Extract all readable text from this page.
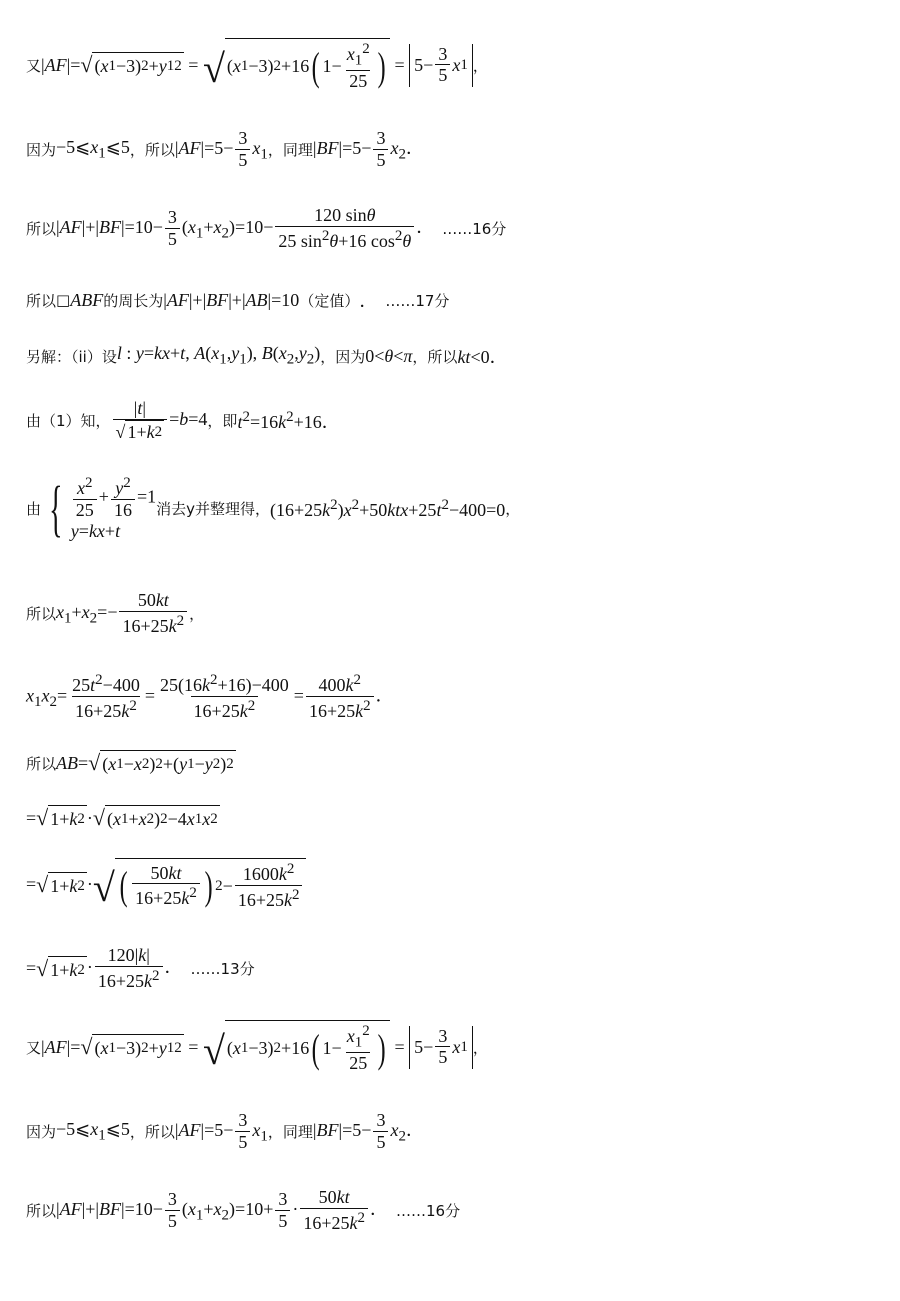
又 |AF|= √ ( x 1 −3) 2 + y 1 2 = √ ( x 1 −3) 2 +16 ( $1- \frac{x_1^2}{25}$ ) = $5- \frac{3}{5}$ x 1 ，
因为 $-5⩽x_1⩽5$ ， 所以 $|AF|=5- \frac{3}{5} x_1$ ， 同理 $|BF|=5- \frac{3}{5} x_2$．
所以 $|AF|+|BF|=10- \frac{3}{5} (x_1+x_2)=10- \frac{120 \sin\theta}{25 \sin^2\theta+16 \cos^2\theta}$ ． ……16分
所以 □ ABF 的周长为 |AF|+|BF|+|AB|=10 （定值） ． ……17分
另解：（ii）设 l : y=kx+t, $A(x_1,y_1)$, $B(x_2,y_2)$ ， 因为 0<θ<π ， 所以 kt<0．
由（1）知， $\frac{|t|}{√ 1+ k 2} =b=4$ ， 即 $t^2=16k^2+16$．
由 { $\frac{x^2}{25} + \frac{y^2}{16} =1$
y=kx+t
消去y并整理得， $(16+25k^2)x^2+50ktx+25t^2-400=0$ ，
所以 $x_1+x_2=- \frac{50kt}{16+25k^2}$ ，
$x_1x_2= \frac{25t^2-400}{16+25k^2} = \frac{25(16k^2+16)-400}{16+25k^2} = \frac{400k^2}{16+25k^2}$ ．
所以 AB= √ ( x 1 − x 2 ) 2 +( y 1 − y 2 ) 2
= √ 1+ k 2 · √ ( x 1 + x 2 ) 2 −4 x 1 x 2
= √ 1+ k 2 · √ ( $\frac{50kt}{16+25k^2}$ ) $2 - \frac{1600k^2}{16+25k^2}$
= √ 1+ k $2 \cdot \frac{120|k|}{16+25k^2}$ ． ……13分
又 |AF|= √ ( x 1 −3) 2 + y 1 2 = √ ( x 1 −3) 2 +16 ( $1- \frac{x_1^2}{25}$ ) = $5- \frac{3}{5}$ x 1 ，
因为 $-5⩽x_1⩽5$ ， 所以 $|AF|=5- \frac{3}{5} x_1$ ， 同理 $|BF|=5- \frac{3}{5} x_2$．
所以 $|AF|+|BF|=10- \frac{3}{5} (x_1+x_2)=10+ \frac{3}{5} \cdot \frac{50kt}{16+25k^2}$ ． ……16分
